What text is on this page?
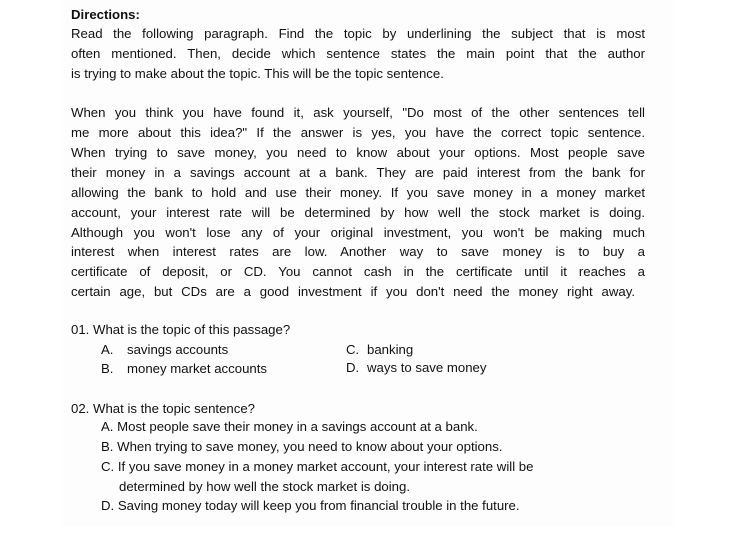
Directions:
Read the following paragraph. Find the topic by underlining the subject that is most
often mentioned. Then, decide which sentence states the main point that the author
is trying to make about the topic. This will be the topic sentence.
When you think you have found it, ask yourself, "Do most of the other sentences tell
me more about this idea?" If the answer is yes, you have the correct topic sentence.
When trying to save money, you need to know about your options. Most people save
their money in a savings account at a bank. They are paid interest from the bank for
allowing the bank to hold and use their money. If you save money in a money market
account, your interest rate will be determined by how well the stock market is doing.
Although you won't lose any of your original investment, you won't be making much
interest when interest rates are low. Another way to save money is to buy a
certificate of deposit, or CD. You cannot cash in the certificate until it reaches a
certain age, but CDs are a good investment if you don't need the money right away.
01. What is the topic of this passage?
A. savings accounts
B. money market accounts
C. banking
D. ways to save money
02. What is the topic sentence?
A. Most people save their money in a savings account at a bank.
B. When trying to save money, you need to know about your options.
C. If you save money in a money market account, your interest rate will be
determined by how well the stock market is doing.
D. Saving money today will keep you from financial trouble in the future.
